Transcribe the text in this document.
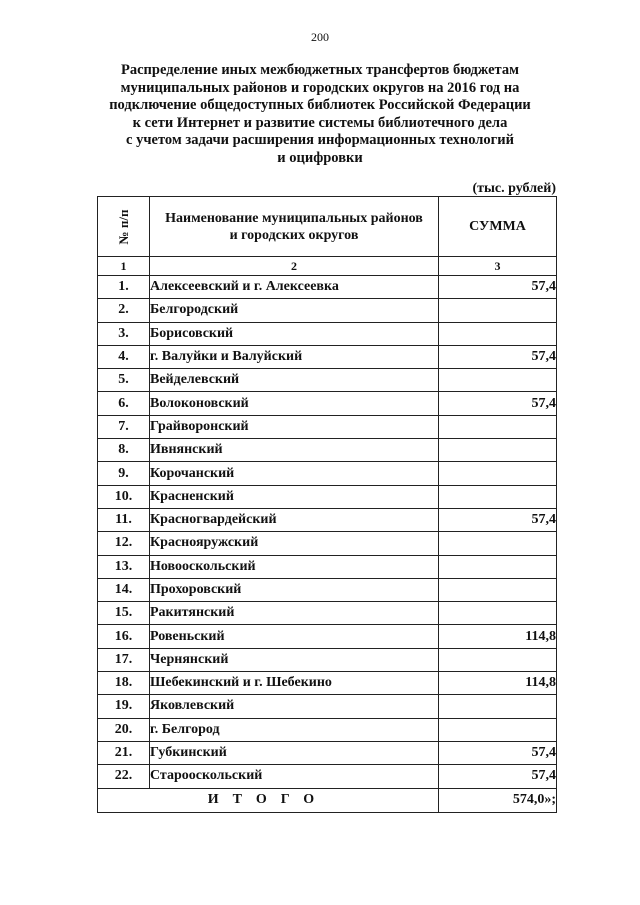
200
Распределение иных межбюджетных трансфертов бюджетам
муниципальных районов и городских округов на 2016 год на
подключение общедоступных библиотек Российской Федерации
к сети Интернет и развитие системы библиотечного дела
с учетом задачи расширения информационных технологий
и оцифровки
(тыс. рублей)
№ п/п	Наименование муниципальных районов
и городских округов	СУММА
1	2	3
1.	Алексеевский и г. Алексеевка	57,4
2.	Белгородский	
3.	Борисовский	
4.	г. Валуйки и Валуйский	57,4
5.	Вейделевский	
6.	Волоконовский	57,4
7.	Грайворонский	
8.	Ивнянский	
9.	Корочанский	
10.	Красненский	
11.	Красногвардейский	57,4
12.	Краснояружский	
13.	Новооскольский	
14.	Прохоровский	
15.	Ракитянский	
16.	Ровеньский	114,8
17.	Чернянский	
18.	Шебекинский и г. Шебекино	114,8
19.	Яковлевский	
20.	г. Белгород	
21.	Губкинский	57,4
22.	Старооскольский	57,4
ИТОГО		574,0»;
